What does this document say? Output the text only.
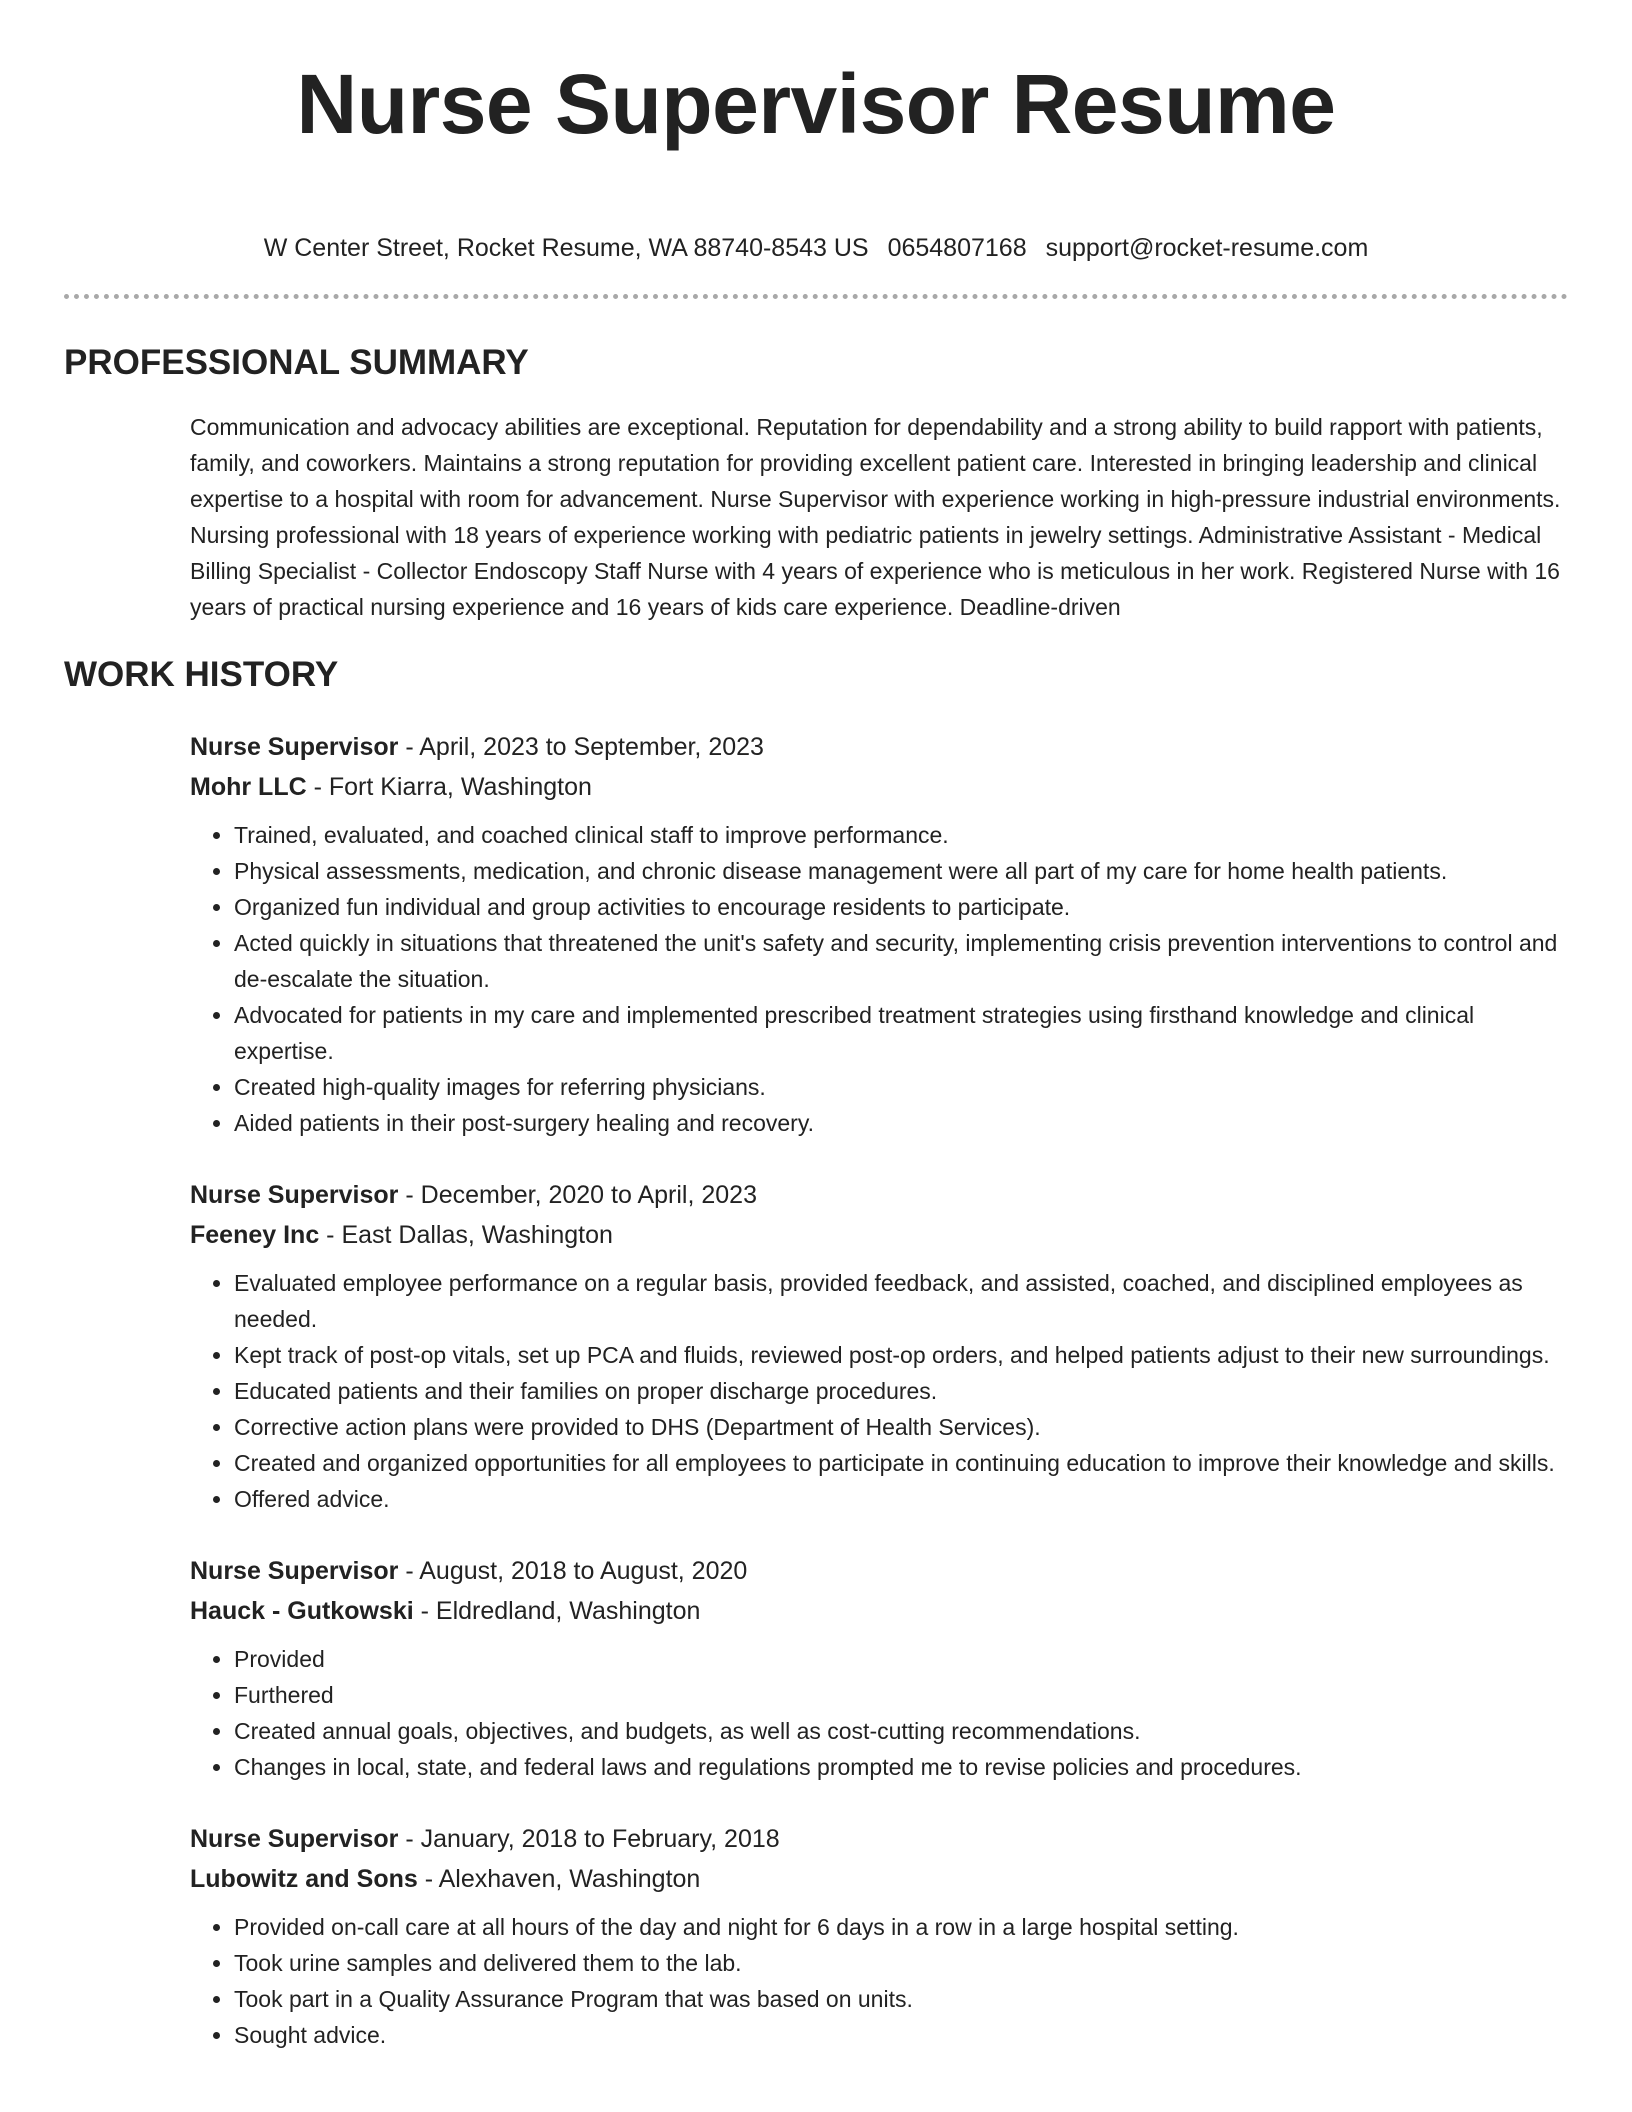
Nurse Supervisor Resume
W Center Street, Rocket Resume, WA 88740-8543 US 0654807168 support@rocket-resume.com
PROFESSIONAL SUMMARY

Communication and advocacy abilities are exceptional. Reputation for dependability and a strong ability to build rapport with patients, family, and coworkers. Maintains a strong reputation for providing excellent patient care. Interested in bringing leadership and clinical expertise to a hospital with room for advancement. Nurse Supervisor with experience working in high-pressure industrial environments. Nursing professional with 18 years of experience working with pediatric patients in jewelry settings. Administrative Assistant - Medical Billing Specialist - Collector Endoscopy Staff Nurse with 4 years of experience who is meticulous in her work. Registered Nurse with 16 years of practical nursing experience and 16 years of kids care experience. Deadline-driven

WORK HISTORY
Nurse Supervisor - April, 2023 to September, 2023
Mohr LLC - Fort Kiarra, Washington
• Trained, evaluated, and coached clinical staff to improve performance.
• Physical assessments, medication, and chronic disease management were all part of my care for home health patients.
• Organized fun individual and group activities to encourage residents to participate.
• Acted quickly in situations that threatened the unit's safety and security, implementing crisis prevention interventions to control and de-escalate the situation.
• Advocated for patients in my care and implemented prescribed treatment strategies using firsthand knowledge and clinical expertise.
• Created high-quality images for referring physicians.
• Aided patients in their post-surgery healing and recovery.
Nurse Supervisor - December, 2020 to April, 2023
Feeney Inc - East Dallas, Washington
• Evaluated employee performance on a regular basis, provided feedback, and assisted, coached, and disciplined employees as needed.
• Kept track of post-op vitals, set up PCA and fluids, reviewed post-op orders, and helped patients adjust to their new surroundings.
• Educated patients and their families on proper discharge procedures.
• Corrective action plans were provided to DHS (Department of Health Services).
• Created and organized opportunities for all employees to participate in continuing education to improve their knowledge and skills.
• Offered advice.
Nurse Supervisor - August, 2018 to August, 2020
Hauck - Gutkowski - Eldredland, Washington
• Provided
• Furthered
• Created annual goals, objectives, and budgets, as well as cost-cutting recommendations.
• Changes in local, state, and federal laws and regulations prompted me to revise policies and procedures.
Nurse Supervisor - January, 2018 to February, 2018
Lubowitz and Sons - Alexhaven, Washington
• Provided on-call care at all hours of the day and night for 6 days in a row in a large hospital setting.
• Took urine samples and delivered them to the lab.
• Took part in a Quality Assurance Program that was based on units.
• Sought advice.
